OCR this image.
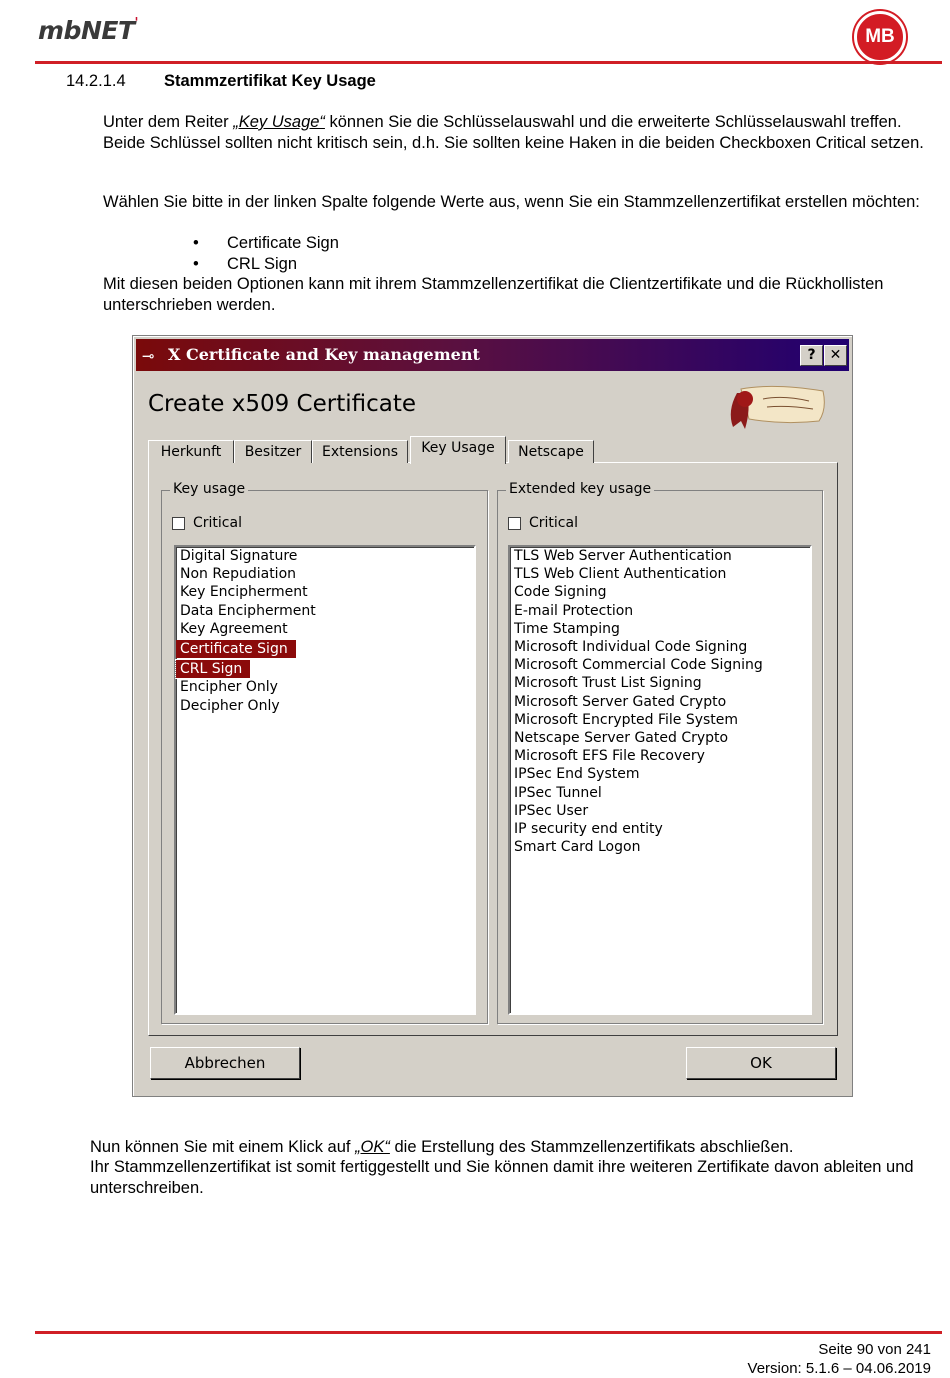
mbNET'
MB
14.2.1.4 Stammzertifikat Key Usage
Unter dem Reiter „Key Usage“ können Sie die Schlüsselauswahl und die erweiterte Schlüsselauswahl treffen. Beide Schlüssel sollten nicht kritisch sein, d.h. Sie sollten keine Haken in die beiden Checkboxen Critical setzen.
Wählen Sie bitte in der linken Spalte folgende Werte aus, wenn Sie ein Stammzellenzertifikat erstellen möchten:
•	Certificate Sign
•	CRL Sign
Mit diesen beiden Optionen kann mit ihrem Stammzellenzertifikat die Clientzertifikate und die Rückhollisten unterschrieben werden.
⊸ X Certificate and Key management	?	✕
Create x509 Certificate
Herkunft	Besitzer	Extensions	Key Usage	Netscape
Key usage
Critical
Digital Signature
Non Repudiation
Key Encipherment
Data Encipherment
Key Agreement
Certificate Sign
CRL Sign
Encipher Only
Decipher Only
Extended key usage
Critical
TLS Web Server Authentication
TLS Web Client Authentication
Code Signing
E-mail Protection
Time Stamping
Microsoft Individual Code Signing
Microsoft Commercial Code Signing
Microsoft Trust List Signing
Microsoft Server Gated Crypto
Microsoft Encrypted File System
Netscape Server Gated Crypto
Microsoft EFS File Recovery
IPSec End System
IPSec Tunnel
IPSec User
IP security end entity
Smart Card Logon
Abbrechen	OK
Nun können Sie mit einem Klick auf „OK“ die Erstellung des Stammzellenzertifikats abschließen.
Ihr Stammzellenzertifikat ist somit fertiggestellt und Sie können damit ihre weiteren Zertifikate davon ableiten und unterschreiben.
Seite 90 von 241
Version: 5.1.6 – 04.06.2019
